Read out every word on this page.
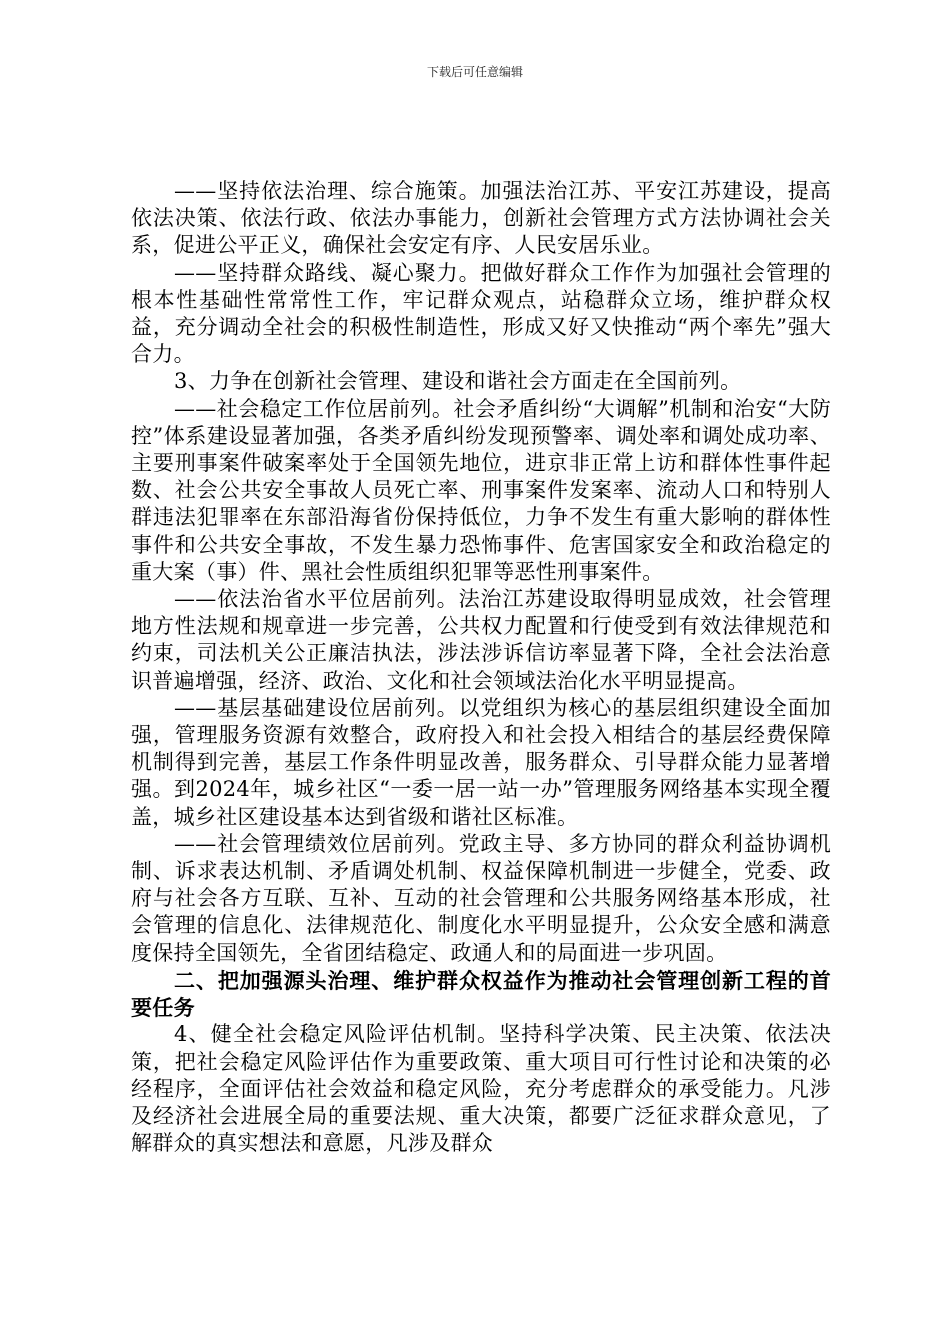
下载后可任意编辑

——坚持依法治理、综合施策。加强法治江苏、平安江苏建设，提高依法决策、依法行政、依法办事能力，创新社会管理方式方法协调社会关系，促进公平正义，确保社会安定有序、人民安居乐业。

——坚持群众路线、凝心聚力。把做好群众工作作为加强社会管理的根本性基础性常常性工作，牢记群众观点，站稳群众立场，维护群众权益，充分调动全社会的积极性制造性，形成又好又快推动“两个率先”强大合力。

3、力争在创新社会管理、建设和谐社会方面走在全国前列。

——社会稳定工作位居前列。社会矛盾纠纷“大调解”机制和治安“大防控”体系建设显著加强，各类矛盾纠纷发现预警率、调处率和调处成功率、主要刑事案件破案率处于全国领先地位，进京非正常上访和群体性事件起数、社会公共安全事故人员死亡率、刑事案件发案率、流动人口和特别人群违法犯罪率在东部沿海省份保持低位，力争不发生有重大影响的群体性事件和公共安全事故，不发生暴力恐怖事件、危害国家安全和政治稳定的重大案（事）件、黑社会性质组织犯罪等恶性刑事案件。

——依法治省水平位居前列。法治江苏建设取得明显成效，社会管理地方性法规和规章进一步完善，公共权力配置和行使受到有效法律规范和约束，司法机关公正廉洁执法，涉法涉诉信访率显著下降，全社会法治意识普遍增强，经济、政治、文化和社会领域法治化水平明显提高。

——基层基础建设位居前列。以党组织为核心的基层组织建设全面加强，管理服务资源有效整合，政府投入和社会投入相结合的基层经费保障机制得到完善，基层工作条件明显改善，服务群众、引导群众能力显著增强。到2024年，城乡社区“一委一居一站一办”管理服务网络基本实现全覆盖，城乡社区建设基本达到省级和谐社区标准。

——社会管理绩效位居前列。党政主导、多方协同的群众利益协调机制、诉求表达机制、矛盾调处机制、权益保障机制进一步健全，党委、政府与社会各方互联、互补、互动的社会管理和公共服务网络基本形成，社会管理的信息化、法律规范化、制度化水平明显提升，公众安全感和满意度保持全国领先，全省团结稳定、政通人和的局面进一步巩固。

二、把加强源头治理、维护群众权益作为推动社会管理创新工程的首要任务

4、健全社会稳定风险评估机制。坚持科学决策、民主决策、依法决策，把社会稳定风险评估作为重要政策、重大项目可行性讨论和决策的必经程序，全面评估社会效益和稳定风险，充分考虑群众的承受能力。凡涉及经济社会进展全局的重要法规、重大决策，都要广泛征求群众意见，了解群众的真实想法和意愿，凡涉及群众
